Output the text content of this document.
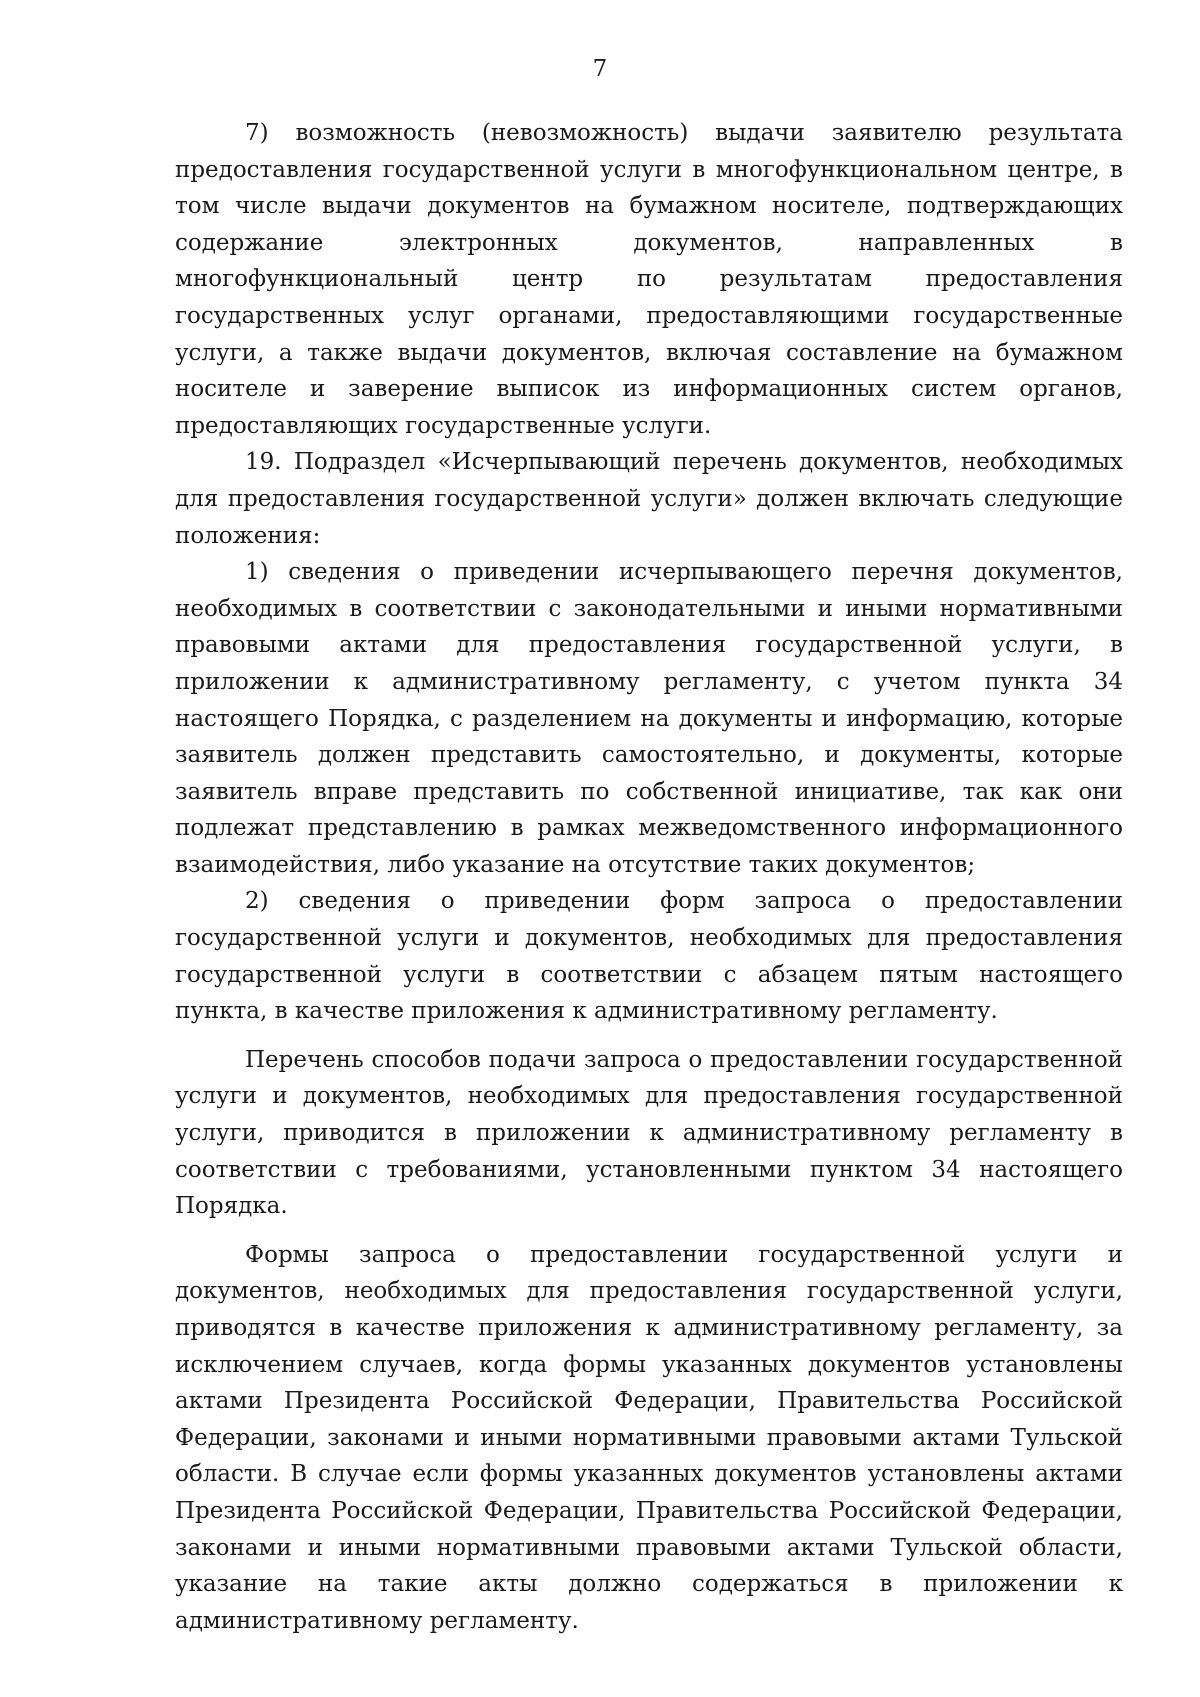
7

7) возможность (невозможность) выдачи заявителю результата предоставления государственной услуги в многофункциональном центре, в том числе выдачи документов на бумажном носителе, подтверждающих содержание электронных документов, направленных в многофункциональный центр по результатам предоставления государственных услуг органами, предоставляющими государственные услуги, а также выдачи документов, включая составление на бумажном носителе и заверение выписок из информационных систем органов, предоставляющих государственные услуги.

19. Подраздел «Исчерпывающий перечень документов, необходимых для предоставления государственной услуги» должен включать следующие положения:

1) сведения о приведении исчерпывающего перечня документов, необходимых в соответствии с законодательными и иными нормативными правовыми актами для предоставления государственной услуги, в приложении к административному регламенту, с учетом пункта 34 настоящего Порядка, с разделением на документы и информацию, которые заявитель должен представить самостоятельно, и документы, которые заявитель вправе представить по собственной инициативе, так как они подлежат представлению в рамках межведомственного информационного взаимодействия, либо указание на отсутствие таких документов;

2) сведения о приведении форм запроса о предоставлении государственной услуги и документов, необходимых для предоставления государственной услуги в соответствии с абзацем пятым настоящего пункта, в качестве приложения к административному регламенту.

Перечень способов подачи запроса о предоставлении государственной услуги и документов, необходимых для предоставления государственной услуги, приводится в приложении к административному регламенту в соответствии с требованиями, установленными пунктом 34 настоящего Порядка.

Формы запроса о предоставлении государственной услуги и документов, необходимых для предоставления государственной услуги, приводятся в качестве приложения к административному регламенту, за исключением случаев, когда формы указанных документов установлены актами Президента Российской Федерации, Правительства Российской Федерации, законами и иными нормативными правовыми актами Тульской области. В случае если формы указанных документов установлены актами Президента Российской Федерации, Правительства Российской Федерации, законами и иными нормативными правовыми актами Тульской области, указание на такие акты должно содержаться в приложении к административному регламенту.
